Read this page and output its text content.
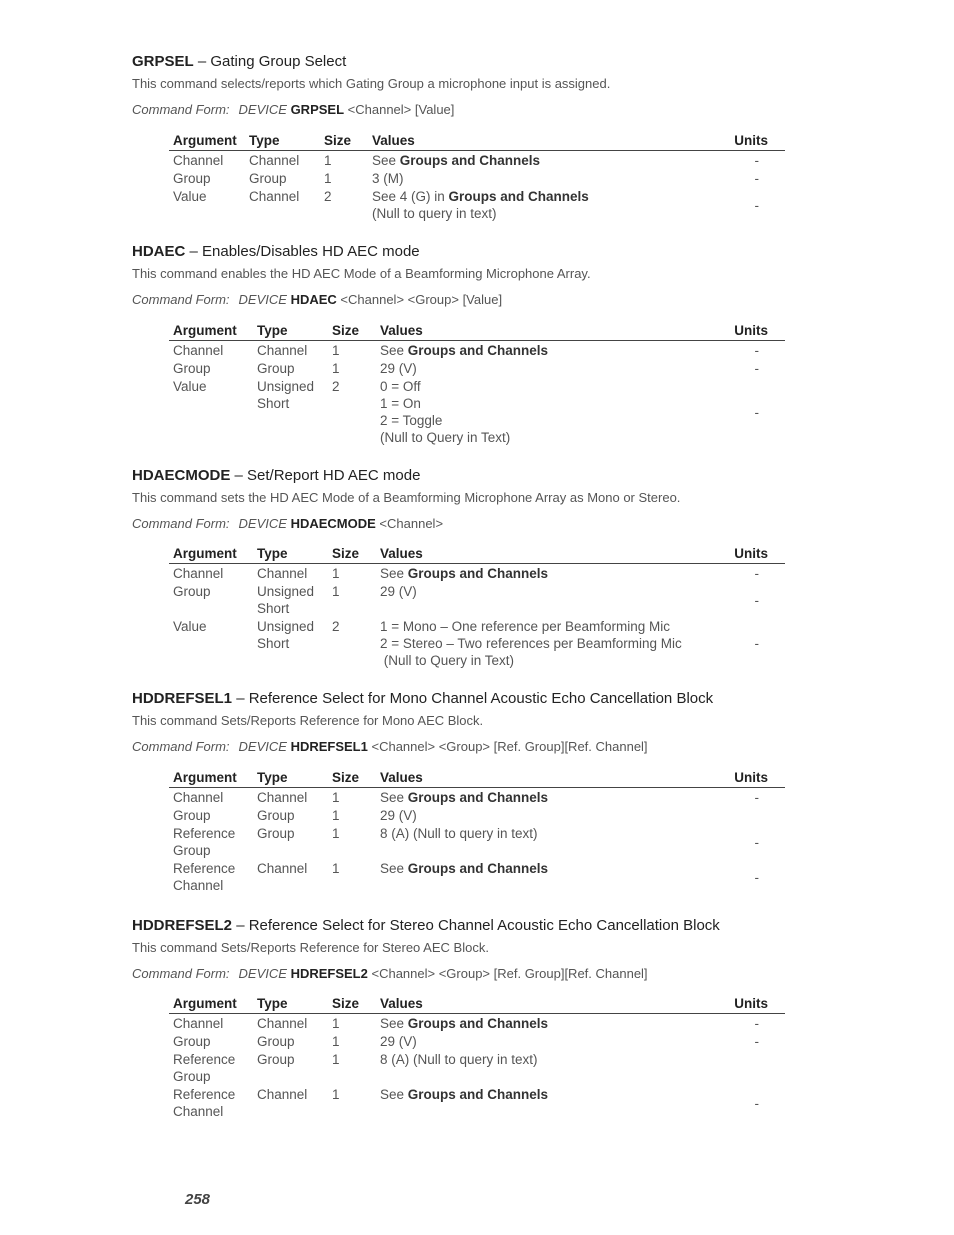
GRPSEL – Gating Group Select

This command selects/reports which Gating Group a microphone input is assigned.
Command Form: DEVICE GRPSEL <Channel> [Value]
Argument	Type	Size	Values	Units
Channel	Channel	1	See Groups and Channels	-
Group	Group	1	3 (M)	-
Value	Channel	2	See 4 (G) in Groups and Channels
(Null to query in text)	-

HDAEC – Enables/Disables HD AEC mode

This command enables the HD AEC Mode of a Beamforming Microphone Array.
Command Form: DEVICE HDAEC <Channel> <Group> [Value]
Argument	Type	Size	Values	Units
Channel	Channel	1	See Groups and Channels	-
Group	Group	1	29 (V)	-
Value	Unsigned Short	2	0 = Off
1 = On
2 = Toggle
(Null to Query in Text)	-

HDAECMODE – Set/Report HD AEC mode

This command sets the HD AEC Mode of a Beamforming Microphone Array as Mono or Stereo.
Command Form: DEVICE HDAECMODE <Channel>
Argument	Type	Size	Values	Units
Channel	Channel	1	See Groups and Channels	-
Group	Unsigned Short	1	29 (V)	-
Value	Unsigned Short	2	1 = Mono – One reference per Beamforming Mic
2 = Stereo – Two references per Beamforming Mic
(Null to Query in Text)	-

HDDREFSEL1 – Reference Select for Mono Channel Acoustic Echo Cancellation Block

This command Sets/Reports Reference for Mono AEC Block.
Command Form: DEVICE HDREFSEL1 <Channel> <Group> [Ref. Group][Ref. Channel]
Argument	Type	Size	Values	Units
Channel	Channel	1	See Groups and Channels	-
Group	Group	1	29 (V)	
Reference Group	Group	1	8 (A) (Null to query in text)	-
Reference Channel	Channel	1	See Groups and Channels	-

HDDREFSEL2 – Reference Select for Stereo Channel Acoustic Echo Cancellation Block

This command Sets/Reports Reference for Stereo AEC Block.
Command Form: DEVICE HDREFSEL2 <Channel> <Group> [Ref. Group][Ref. Channel]
Argument	Type	Size	Values	Units
Channel	Channel	1	See Groups and Channels	-
Group	Group	1	29 (V)	-
Reference Group	Group	1	8 (A) (Null to query in text)	
Reference Channel	Channel	1	See Groups and Channels	-
258
